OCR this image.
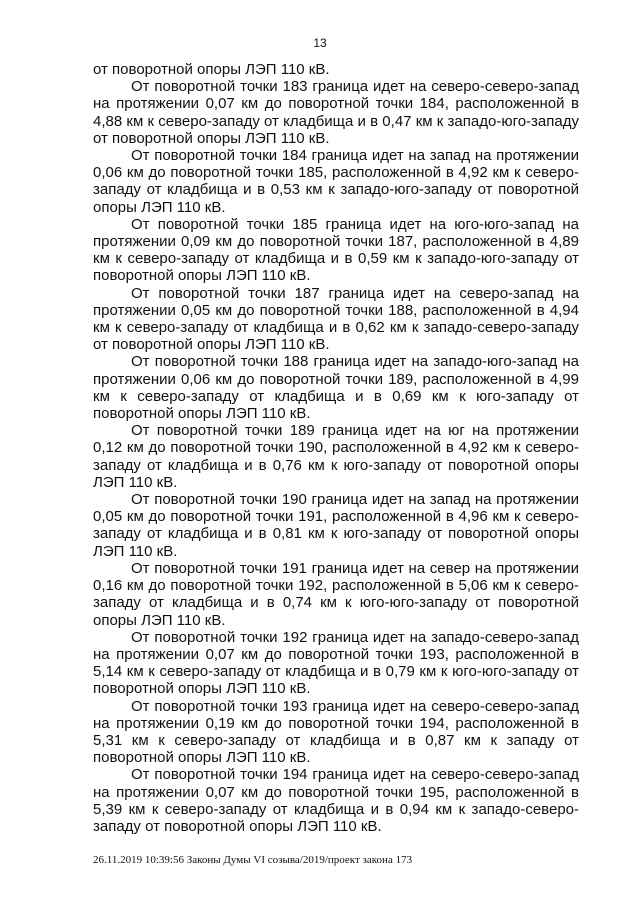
13

от поворотной опоры ЛЭП 110 кВ.

От поворотной точки 183 граница идет на северо-северо-запад на протяжении 0,07 км до поворотной точки 184, расположенной в 4,88 км к северо-западу от кладбища и в 0,47 км к западо-юго-западу от поворотной опоры ЛЭП 110 кВ.

От поворотной точки 184 граница идет на запад на протяжении 0,06 км до поворотной точки 185, расположенной в 4,92 км к северо-западу от кладбища и в 0,53 км к западо-юго-западу от поворотной опоры ЛЭП 110 кВ.

От поворотной точки 185 граница идет на юго-юго-запад на протяжении 0,09 км до поворотной точки 187, расположенной в 4,89 км к северо-западу от кладбища и в 0,59 км к западо-юго-западу от поворотной опоры ЛЭП 110 кВ.

От поворотной точки 187 граница идет на северо-запад на протяжении 0,05 км до поворотной точки 188, расположенной в 4,94 км к северо-западу от кладбища и в 0,62 км к западо-северо-западу от поворотной опоры ЛЭП 110 кВ.

От поворотной точки 188 граница идет на западо-юго-запад на протяжении 0,06 км до поворотной точки 189, расположенной в 4,99 км к северо-западу от кладбища и в 0,69 км к юго-западу от поворотной опоры ЛЭП 110 кВ.

От поворотной точки 189 граница идет на юг на протяжении 0,12 км до поворотной точки 190, расположенной в 4,92 км к северо-западу от кладбища и в 0,76 км к юго-западу от поворотной опоры ЛЭП 110 кВ.

От поворотной точки 190 граница идет на запад на протяжении 0,05 км до поворотной точки 191, расположенной в 4,96 км к северо-западу от кладбища и в 0,81 км к юго-западу от поворотной опоры ЛЭП 110 кВ.

От поворотной точки 191 граница идет на север на протяжении 0,16 км до поворотной точки 192, расположенной в 5,06 км к северо-западу от кладбища и в 0,74 км к юго-юго-западу от поворотной опоры ЛЭП 110 кВ.

От поворотной точки 192 граница идет на западо-северо-запад на протяжении 0,07 км до поворотной точки 193, расположенной в 5,14 км к северо-западу от кладбища и в 0,79 км к юго-юго-западу от поворотной опоры ЛЭП 110 кВ.

От поворотной точки 193 граница идет на северо-северо-запад на протяжении 0,19 км до поворотной точки 194, расположенной в 5,31 км к северо-западу от кладбища и в 0,87 км к западу от поворотной опоры ЛЭП 110 кВ.

От поворотной точки 194 граница идет на северо-северо-запад на протяжении 0,07 км до поворотной точки 195, расположенной в 5,39 км к северо-западу от кладбища и в 0,94 км к западо-северо-западу от поворотной опоры ЛЭП 110 кВ.

26.11.2019 10:39:56 Законы Думы VI созыва/2019/проект закона 173
